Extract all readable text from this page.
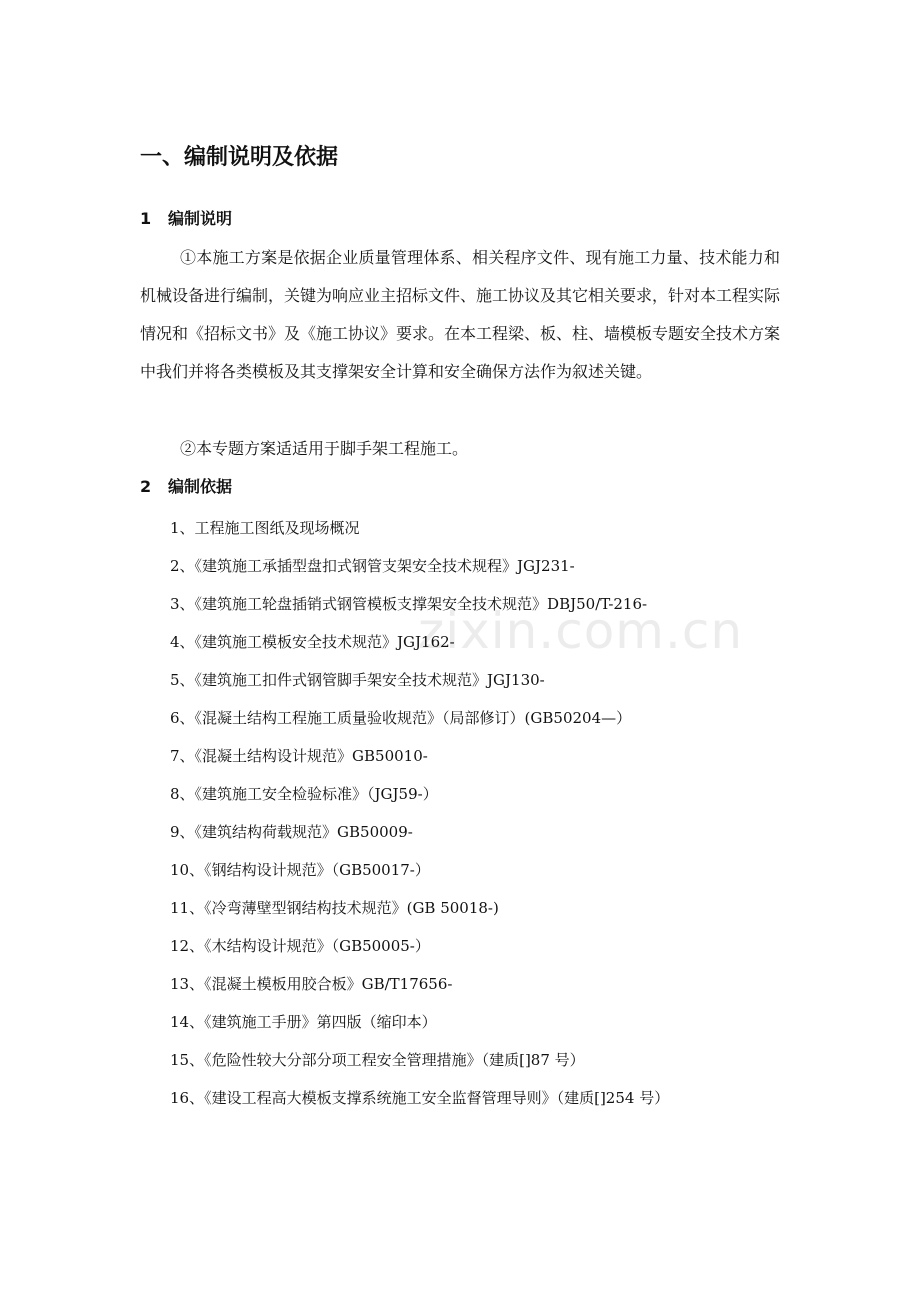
zixin.com.cn
一、编制说明及依据
1 编制说明

①本施工方案是依据企业质量管理体系、相关程序文件、现有施工力量、技术能力和机械设备进行编制，关键为响应业主招标文件、施工协议及其它相关要求，针对本工程实际情况和《招标文书》及《施工协议》要求。在本工程梁、板、柱、墙模板专题安全技术方案中我们并将各类模板及其支撑架安全计算和安全确保方法作为叙述关键。

②本专题方案适适用于脚手架工程施工。

2 编制依据
1、工程施工图纸及现场概况
2、《建筑施工承插型盘扣式钢管支架安全技术规程》JGJ231-
3、《建筑施工轮盘插销式钢管模板支撑架安全技术规范》DBJ50/T-216-
4、《建筑施工模板安全技术规范》JGJ162-
5、《建筑施工扣件式钢管脚手架安全技术规范》JGJ130-
6、《混凝土结构工程施工质量验收规范》（局部修订）(GB50204—）
7、《混凝土结构设计规范》GB50010-
8、《建筑施工安全检验标准》（JGJ59-）
9、《建筑结构荷载规范》GB50009-
10、《钢结构设计规范》（GB50017-）
11、《冷弯薄壁型钢结构技术规范》(GB 50018-)
12、《木结构设计规范》（GB50005-）
13、《混凝土模板用胶合板》GB/T17656-
14、《建筑施工手册》第四版（缩印本）
15、《危险性较大分部分项工程安全管理措施》（建质[]87 号）
16、《建设工程高大模板支撑系统施工安全监督管理导则》（建质[]254 号）
